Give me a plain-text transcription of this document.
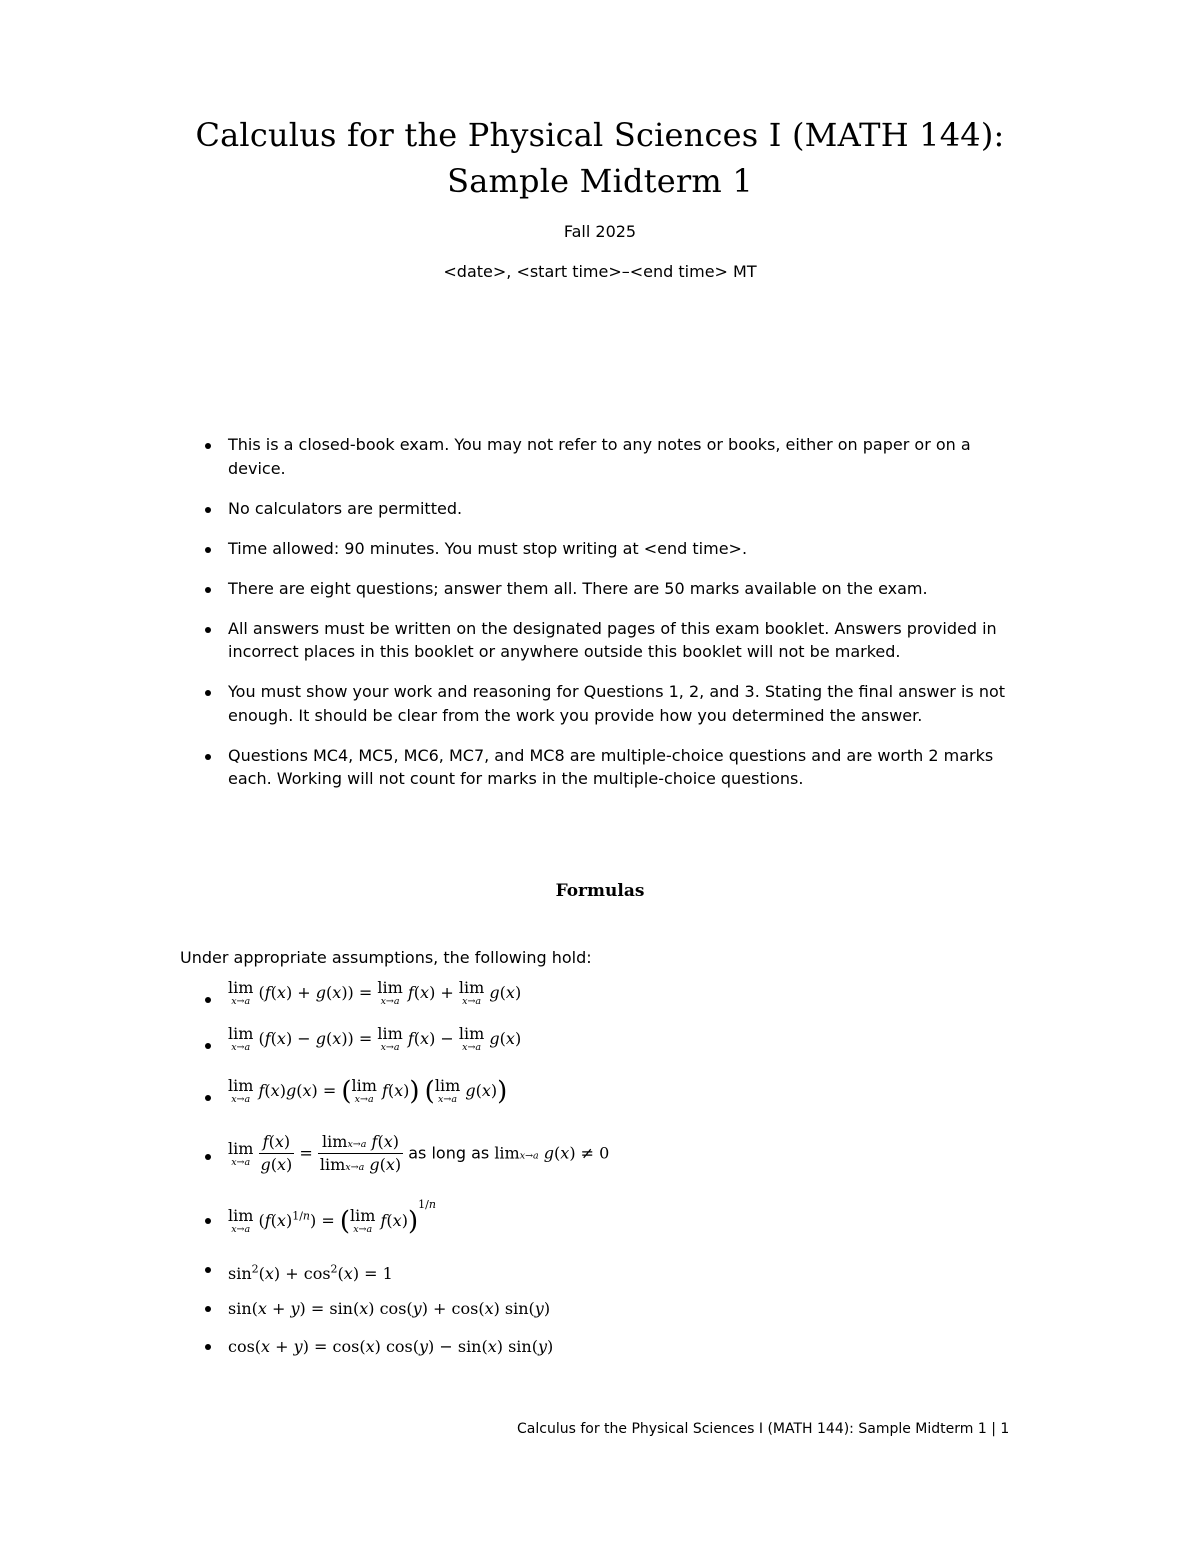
Calculus for the Physical Sciences I (MATH 144):
Sample Midterm 1
Fall 2025
<date>, <start time>–<end time> MT
This is a closed-book exam. You may not refer to any notes or books, either on paper or on a device.
No calculators are permitted.
Time allowed: 90 minutes. You must stop writing at <end time>.
There are eight questions; answer them all. There are 50 marks available on the exam.
All answers must be written on the designated pages of this exam booklet. Answers provided in incorrect places in this booklet or anywhere outside this booklet will not be marked.
You must show your work and reasoning for Questions 1, 2, and 3. Stating the final answer is not enough. It should be clear from the work you provide how you determined the answer.
Questions MC4, MC5, MC6, MC7, and MC8 are multiple-choice questions and are worth 2 marks each. Working will not count for marks in the multiple-choice questions.
Formulas
Under appropriate assumptions, the following hold:
lim
x→a (f(x) + g(x)) = lim
x→a f(x) + lim
x→a g(x)
lim
x→a (f(x) − g(x)) = lim
x→a f(x) − lim
x→a g(x)
lim
x→a f(x)g(x) = ( lim
x→a f(x)) ( lim
x→a g(x))
lim
x→a
$\frac{f(x)}{g(x)} = \frac{\text{limx→a f(x)}}{\text{limx→a g(x)}}$ as long as limx→a g(x) ≠ 0
lim
x→a $(f(x)^{1/n})$ = ( lim
x→a f(x))$^{1/n}$
$\sin^2(x) + \cos^2(x) = 1$
sin(x + y) = sin(x) cos(y) + cos(x) sin(y)
cos(x + y) = cos(x) cos(y) − sin(x) sin(y)
Calculus for the Physical Sciences I (MATH 144): Sample Midterm 1 | 1
